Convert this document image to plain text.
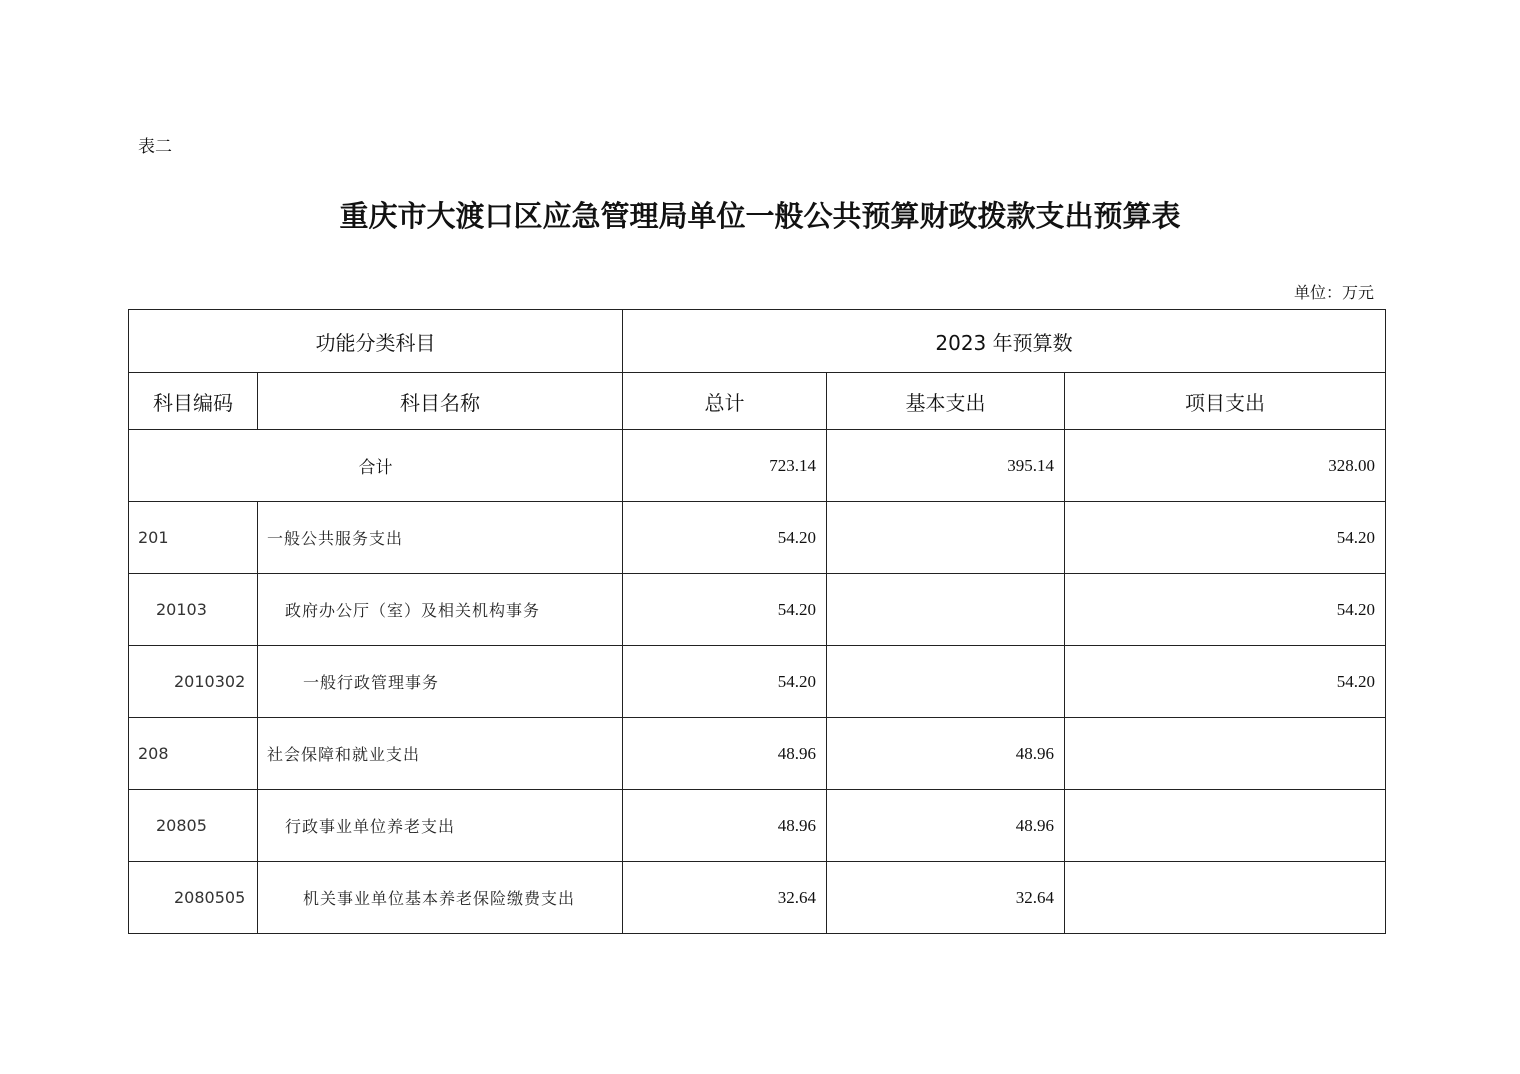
表二
重庆市大渡口区应急管理局单位一般公共预算财政拨款支出预算表
单位：万元
功能分类科目		2023 年预算数		
科目编码	科目名称	总计	基本支出	项目支出
合计		723.14	395.14	328.00
201	一般公共服务支出	54.20		54.20
20103	政府办公厅（室）及相关机构事务	54.20		54.20
2010302	一般行政管理事务	54.20		54.20
208	社会保障和就业支出	48.96	48.96	
20805	行政事业单位养老支出	48.96	48.96	
2080505	机关事业单位基本养老保险缴费支出	32.64	32.64	
